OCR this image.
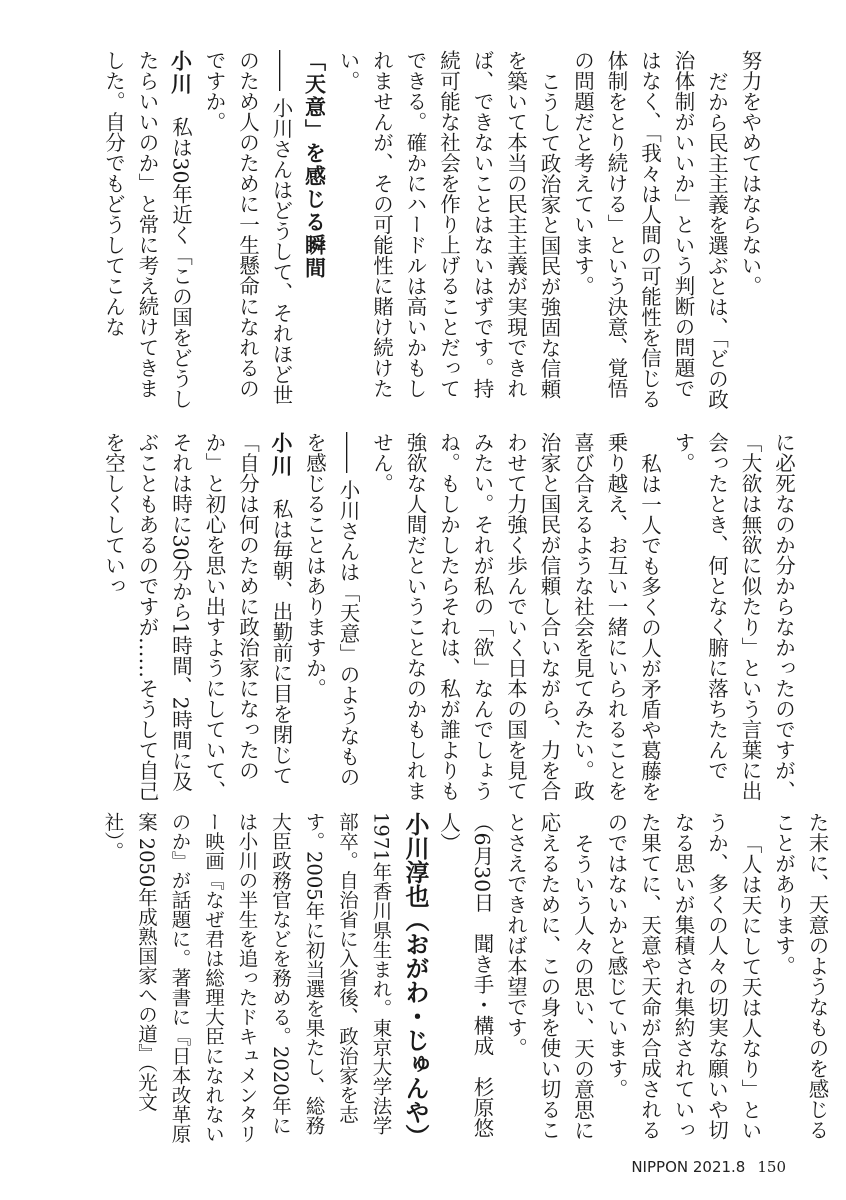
努力をやめてはならない。

だから民主主義を選ぶとは、「どの政治体制がいいか」という判断の問題ではなく、「我々は人間の可能性を信じる体制をとり続ける」という決意、覚悟の問題だと考えています。

こうして政治家と国民が強固な信頼を築いて本当の民主主義が実現できれば、できないことはないはずです。持続可能な社会を作り上げることだってできる。確かにハードルは高いかもしれませんが、その可能性に賭け続けたい。

「天意」を感じる瞬間

―― 小川さんはどうして、それほど世のため人のために一生懸命になれるのですか。

小川　私は30年近く「この国をどうしたらいいのか」と常に考え続けてきました。自分でもどうしてこんな

に必死なのか分からなかったのですが、「大欲は無欲に似たり」という言葉に出会ったとき、何となく腑に落ちたんです。

私は一人でも多くの人が矛盾や葛藤を乗り越え、お互い一緒にいられることを喜び合えるような社会を見てみたい。政治家と国民が信頼し合いながら、力を合わせて力強く歩んでいく日本の国を見てみたい。それが私の「欲」なんでしょうね。もしかしたらそれは、私が誰よりも強欲な人間だということなのかもしれません。

―― 小川さんは「天意」のようなものを感じることはありますか。

小川　私は毎朝、出勤前に目を閉じて「自分は何のために政治家になったのか」と初心を思い出すようにしていて、それは時に30分から1時間、2時間に及ぶこともあるのですが……そうして自己を空しくしていっ

た末に、天意のようなものを感じることがあります。

「人は天にして天は人なり」というか、多くの人々の切実な願いや切なる思いが集積され集約されていった果てに、天意や天命が合成されるのではないかと感じています。

そういう人々の思い、天の意思に応えるために、この身を使い切ることさえできれば本望です。

（6月30日　聞き手・構成　杉原悠人）

小川淳也（おがわ・じゅんや）

1971年香川県生まれ。東京大学法学部卒。自治省に入省後、政治家を志す。2005年に初当選を果たし、総務大臣政務官などを務める。2020年には小川の半生を追ったドキュメンタリー映画『なぜ君は総理大臣になれないのか』が話題に。著書に『日本改革原案 2050年成熟国家への道』（光文社）。

NIPPON 2021.8 150
